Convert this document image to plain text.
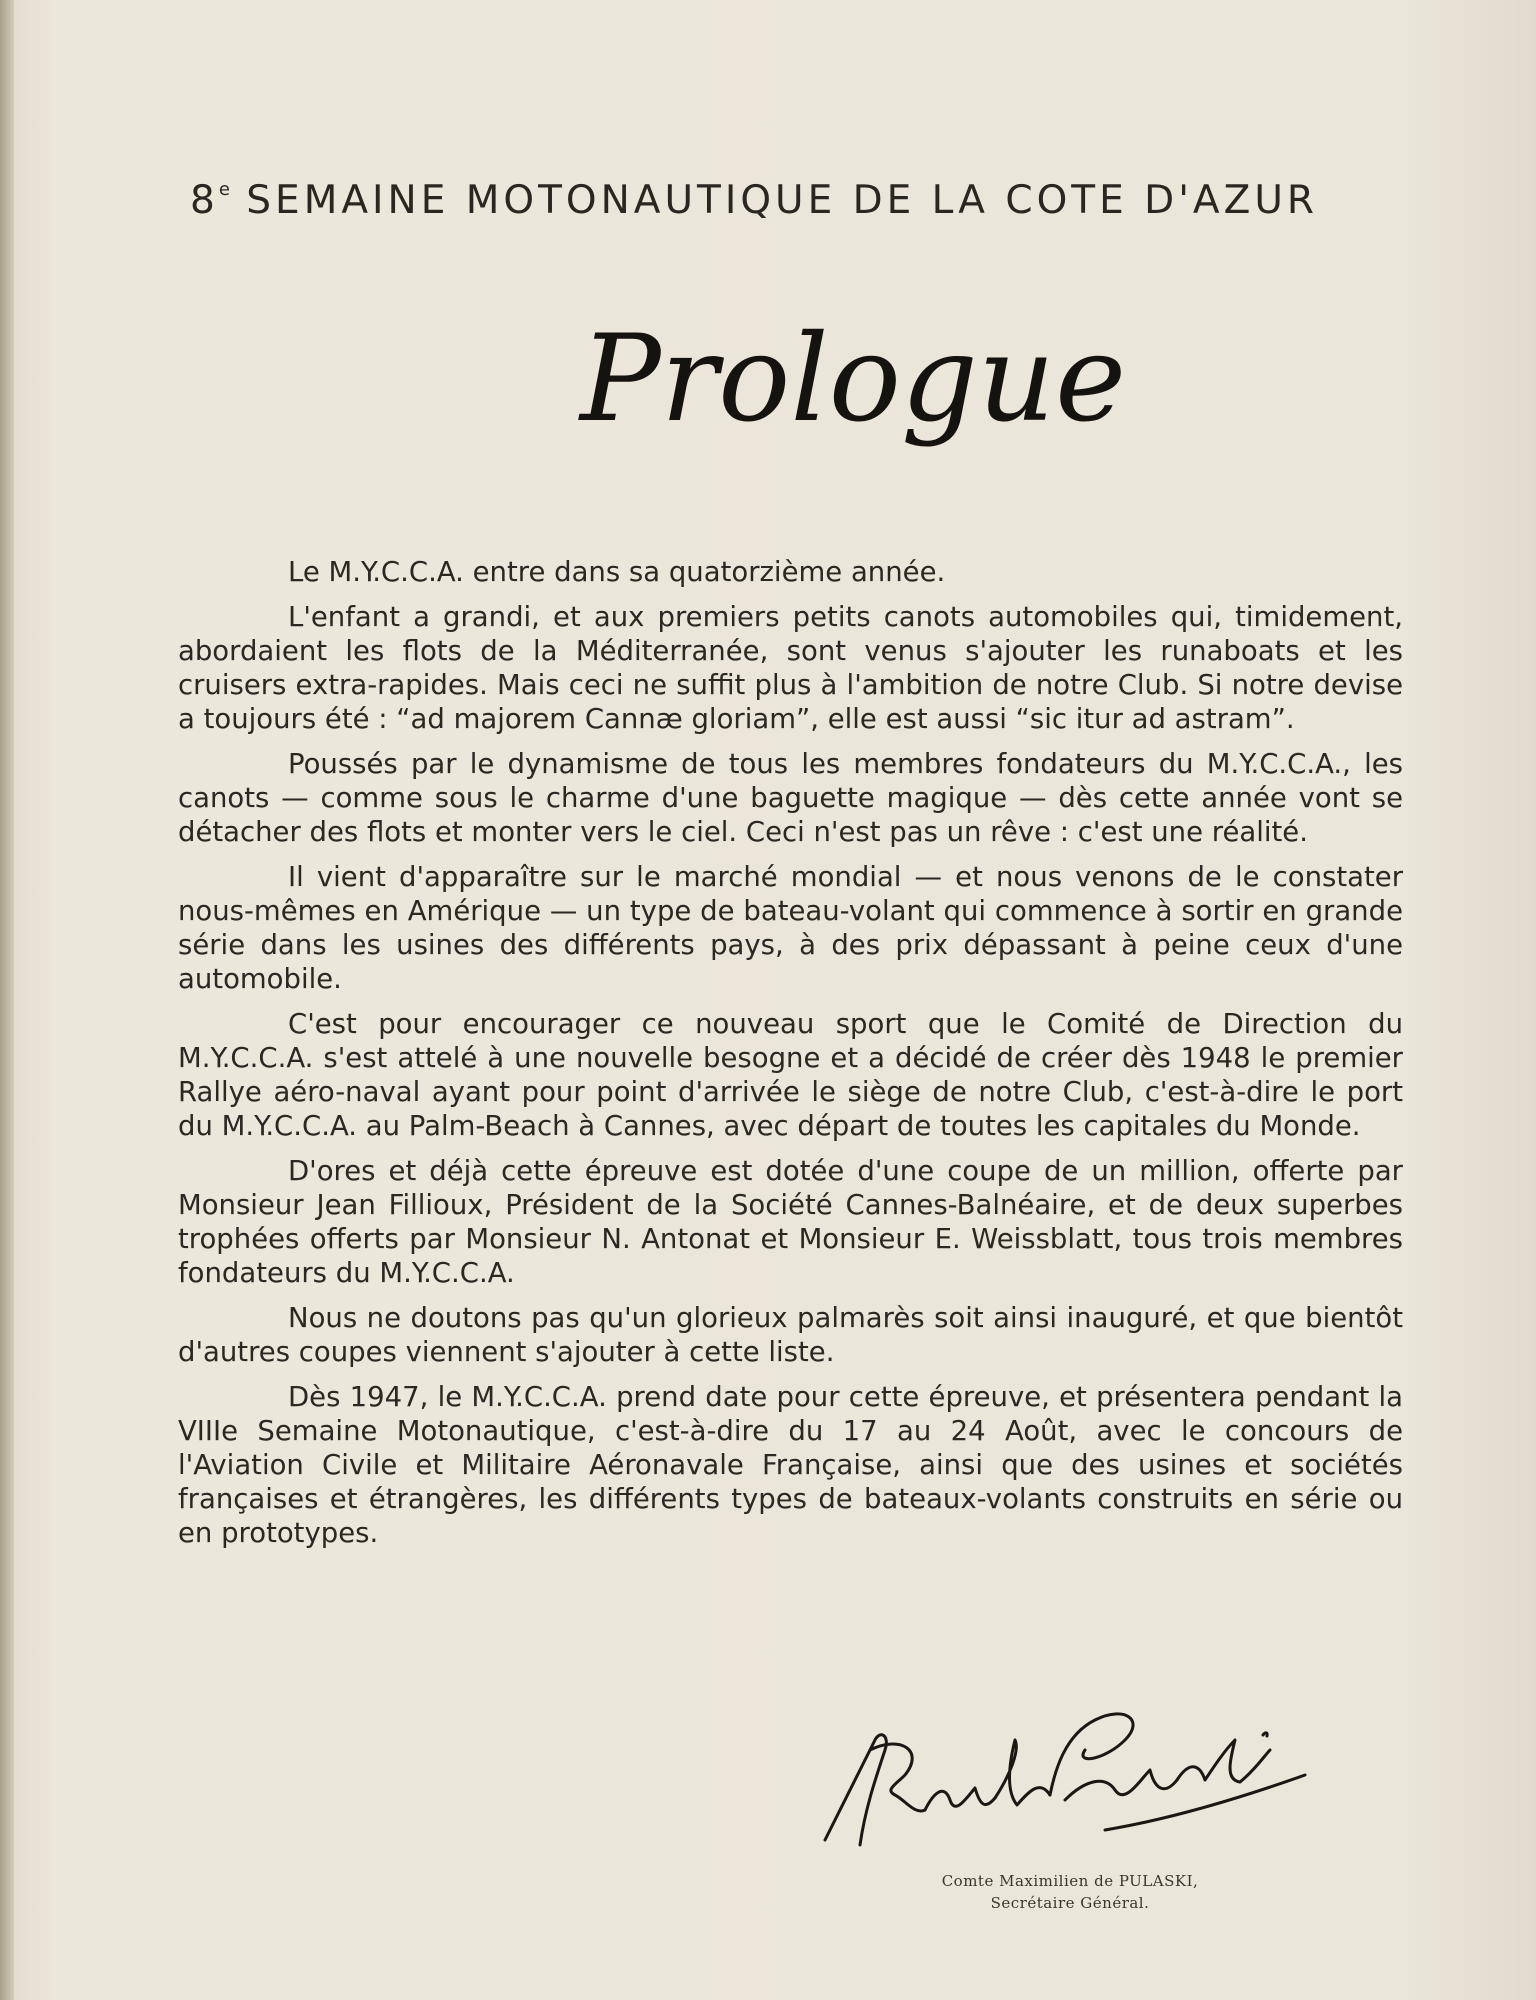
8e SEMAINE MOTONAUTIQUE DE LA COTE D'AZUR
Prologue

Le M.Y.C.C.A. entre dans sa quatorzième année.

L'enfant a grandi, et aux premiers petits canots automobiles qui, timidement, abordaient les flots de la Méditerranée, sont venus s'ajouter les runaboats et les cruisers extra-rapides. Mais ceci ne suffit plus à l'ambition de notre Club. Si notre devise a toujours été : “ad majorem Cannæ gloriam”, elle est aussi “sic itur ad astram”.

Poussés par le dynamisme de tous les membres fondateurs du M.Y.C.C.A., les canots — comme sous le charme d'une baguette magique — dès cette année vont se détacher des flots et monter vers le ciel. Ceci n'est pas un rêve : c'est une réalité.

Il vient d'apparaître sur le marché mondial — et nous venons de le constater nous-mêmes en Amérique — un type de bateau-volant qui commence à sortir en grande série dans les usines des différents pays, à des prix dépassant à peine ceux d'une automobile.

C'est pour encourager ce nouveau sport que le Comité de Direction du M.Y.C.C.A. s'est attelé à une nouvelle besogne et a décidé de créer dès 1948 le premier Rallye aéro-naval ayant pour point d'arrivée le siège de notre Club, c'est-à-dire le port du M.Y.C.C.A. au Palm-Beach à Cannes, avec départ de toutes les capitales du Monde.

D'ores et déjà cette épreuve est dotée d'une coupe de un million, offerte par Monsieur Jean Fillioux, Président de la Société Cannes-Balnéaire, et de deux superbes trophées offerts par Monsieur N. Antonat et Monsieur E. Weissblatt, tous trois membres fondateurs du M.Y.C.C.A.

Nous ne doutons pas qu'un glorieux palmarès soit ainsi inauguré, et que bientôt d'autres coupes viennent s'ajouter à cette liste.

Dès 1947, le M.Y.C.C.A. prend date pour cette épreuve, et présentera pendant la VIIIe Semaine Motonautique, c'est-à-dire du 17 au 24 Août, avec le concours de l'Aviation Civile et Militaire Aéronavale Française, ainsi que des usines et sociétés françaises et étrangères, les différents types de bateaux-volants construits en série ou en prototypes.

Comte Maximilien de PULASKI,
Secrétaire Général.
